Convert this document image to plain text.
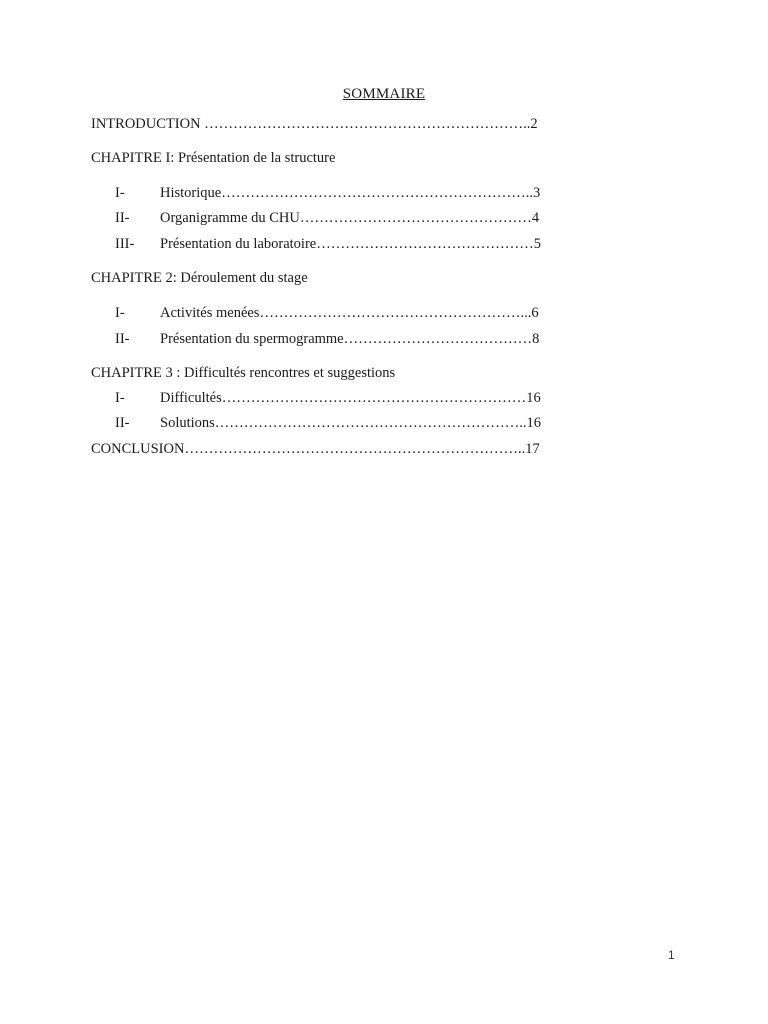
SOMMAIRE
INTRODUCTION …………………………………………………………..2
CHAPITRE I: Présentation de la structure
I- Historique………………………………………………………..3
II- Organigramme du CHU…………………………………………4
III- Présentation du laboratoire………………………………………5
CHAPITRE 2: Déroulement du stage
I- Activités menées………………………………………………...6
II- Présentation du spermogramme…………………………………8
CHAPITRE 3 : Difficultés rencontres et suggestions
I- Difficultés………………………………………………………16
II- Solutions………………………………………………………..16
CONCLUSION……………………………………………………………..17
1
